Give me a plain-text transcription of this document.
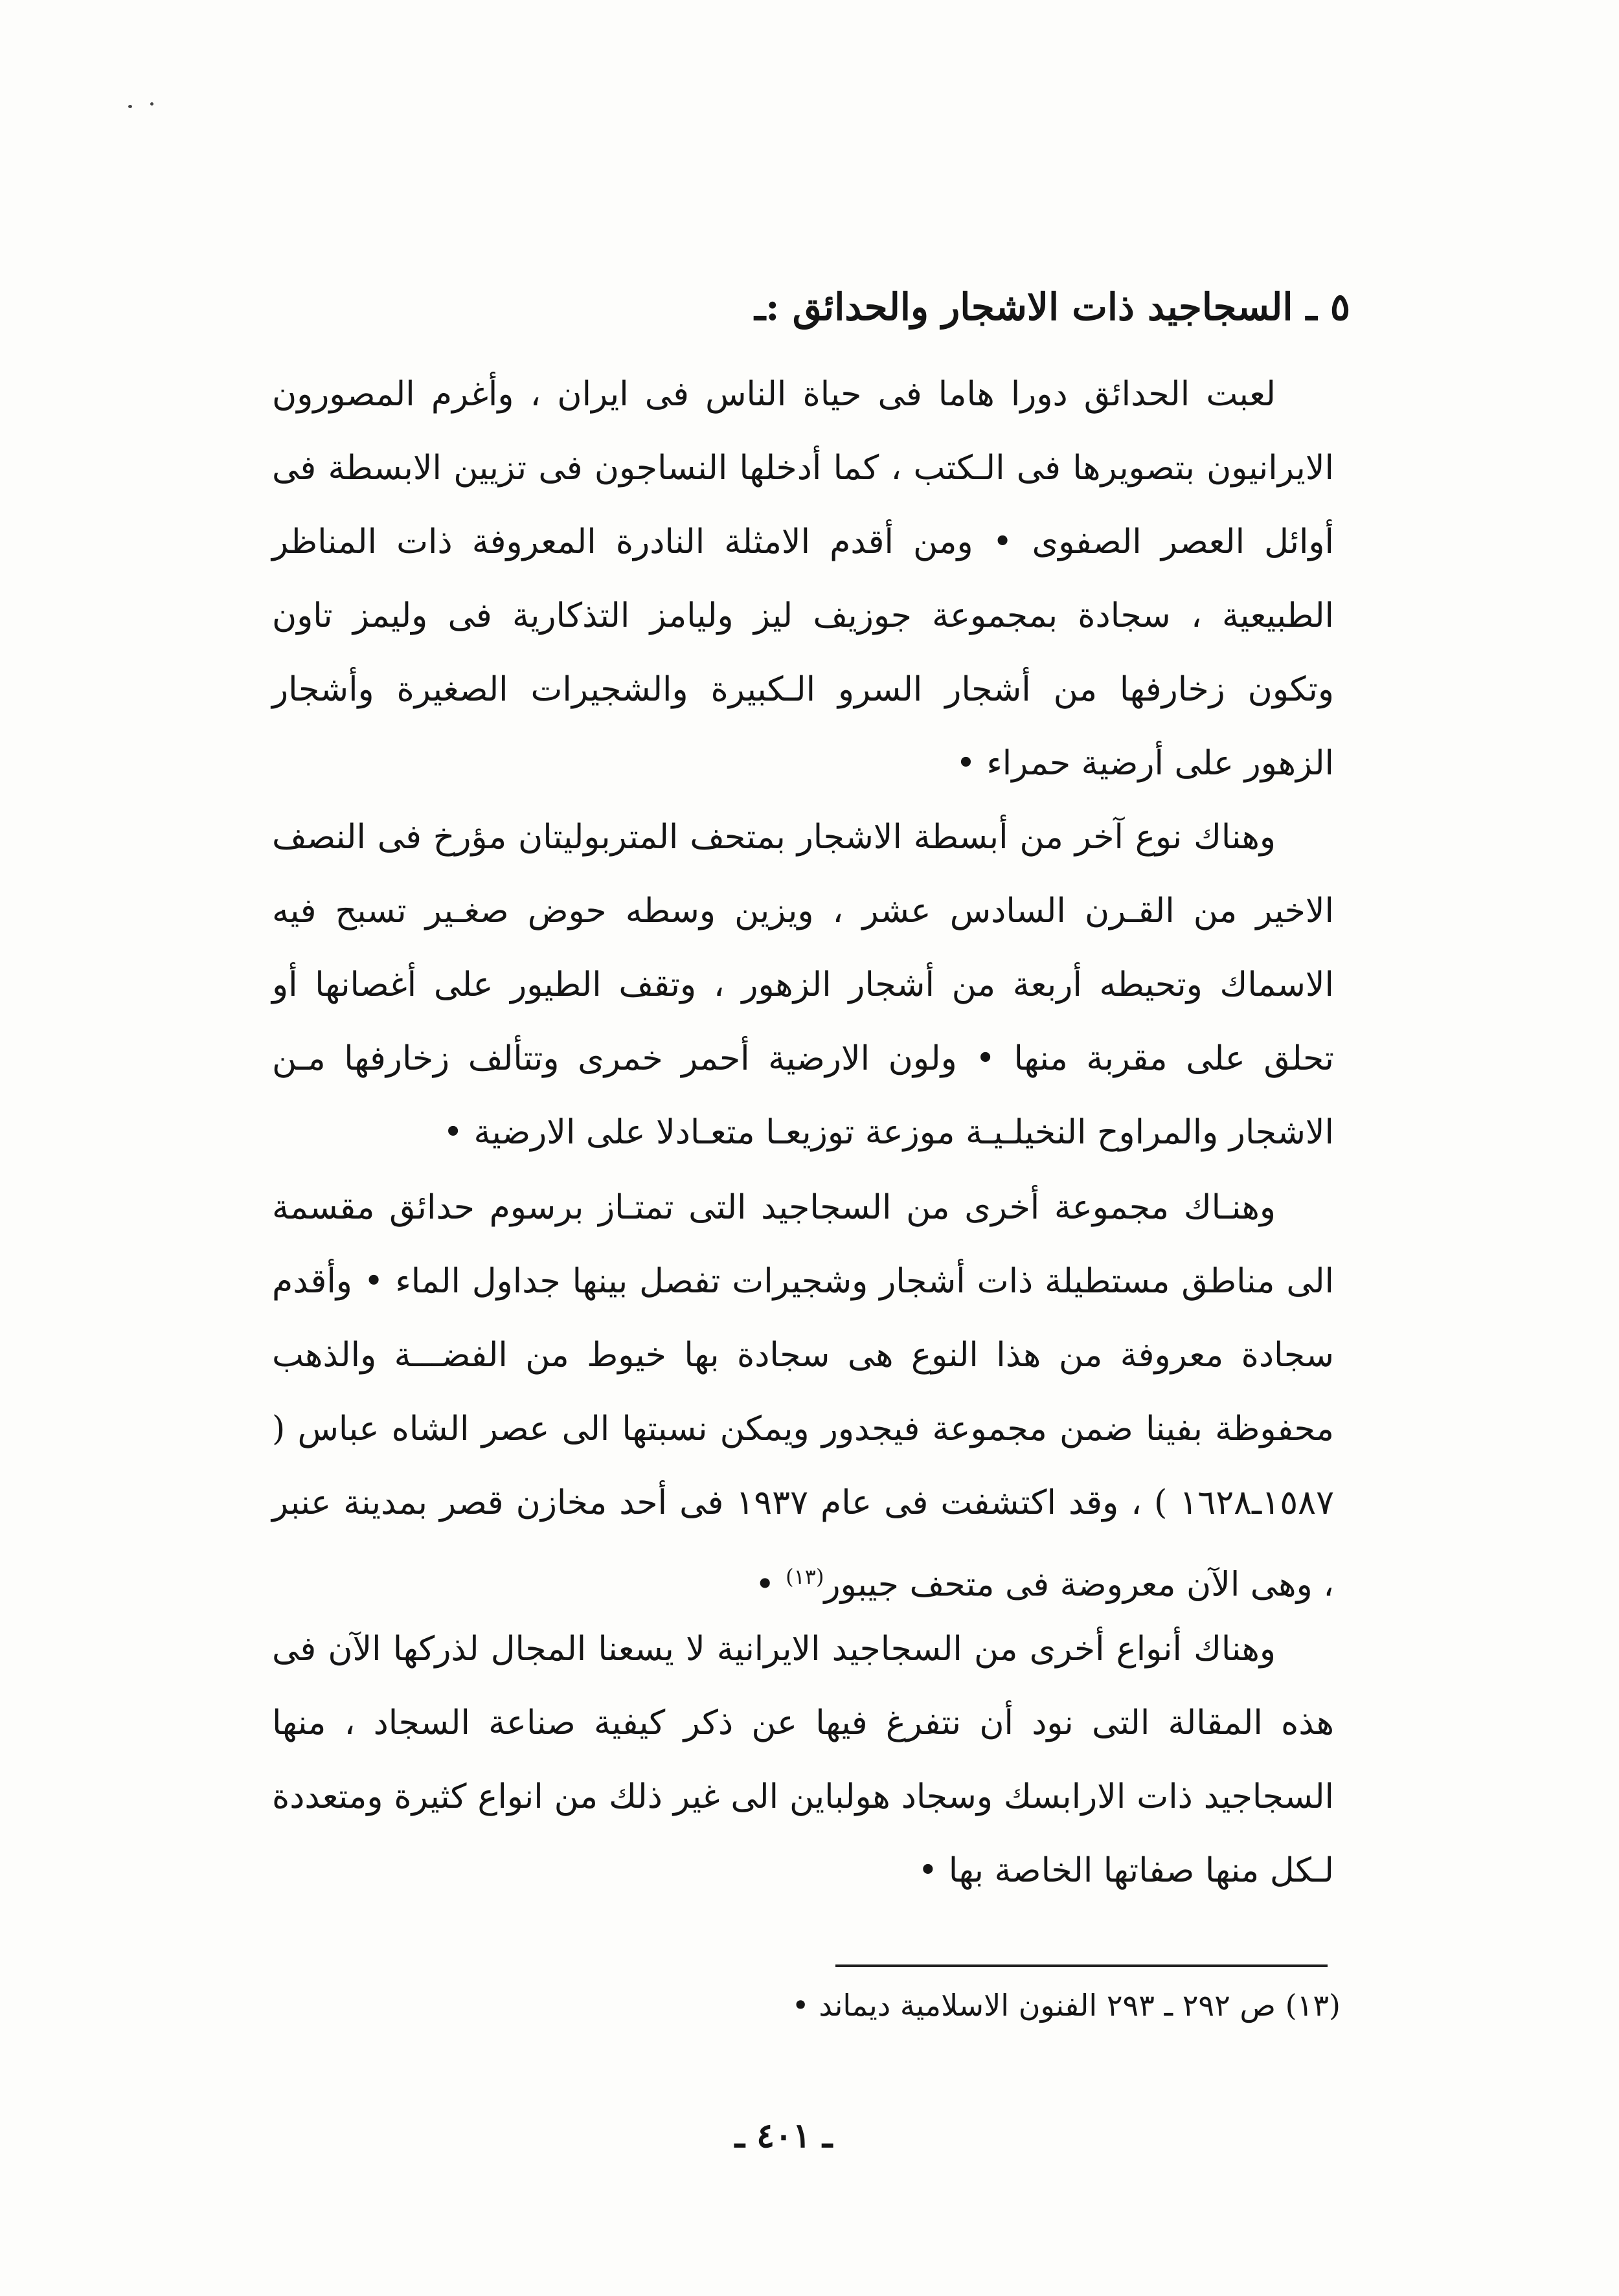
٥ ـ السجاجيد ذات الاشجار والحدائق :ـ

لعبت الحدائق دورا هاما فى حياة الناس فى ايران ، وأغرم المصورون الايرانيون بتصويرها فى الـكتب ، كما أدخلها النساجون فى تزيين الابسطة فى أوائل العصر الصفوى • ومن أقدم الامثلة النادرة المعروفة ذات المناظر الطبيعية ، سجادة بمجموعة جوزيف ليز وليامز التذكارية فى وليمز تاون وتكون زخارفها من أشجار السرو الـكبيرة والشجيرات الصغيرة وأشجار الزهور على أرضية حمراء •

وهناك نوع آخر من أبسطة الاشجار بمتحف المتربوليتان مؤرخ فى النصف الاخير من القـرن السادس عشر ، ويزين وسطه حوض صغـير تسبح فيه الاسماك وتحيطه أربعة من أشجار الزهور ، وتقف الطيور على أغصانها أو تحلق على مقربة منها • ولون الارضية أحمر خمرى وتتألف زخارفها مـن الاشجار والمراوح النخيلـيـة موزعة توزيعـا متعـادلا على الارضية •

وهنـاك مجموعة أخرى من السجاجيد التى تمتـاز برسوم حدائق مقسمة الى مناطق مستطيلة ذات أشجار وشجيرات تفصل بينها جداول الماء • وأقدم سجادة معروفة من هذا النوع هى سجادة بها خيوط من الفضـــة والذهب محفوظة بفينا ضمن مجموعة فيجدور ويمكن نسبتها الى عصر الشاه عباس ( ١٥٨٧ـ١٦٢٨ ) ، وقد اكتشفت فى عام ١٩٣٧ فى أحد مخازن قصر بمدينة عنبر ، وهى الآن معروضة فى متحف جيبور$^{(١٣)}$ •

وهناك أنواع أخرى من السجاجيد الايرانية لا يسعنا المجال لذركها الآن فى هذه المقالة التى نود أن نتفرغ فيها عن ذكر كيفية صناعة السجاد ، منها السجاجيد ذات الارابسك وسجاد هولباين الى غير ذلك من انواع كثيرة ومتعددة لـكل منها صفاتها الخاصة بها •

(١٣) ص ٢٩٢ ـ ٢٩٣ الفنون الاسلامية ديماند •
ـ ٤٠١ ـ
